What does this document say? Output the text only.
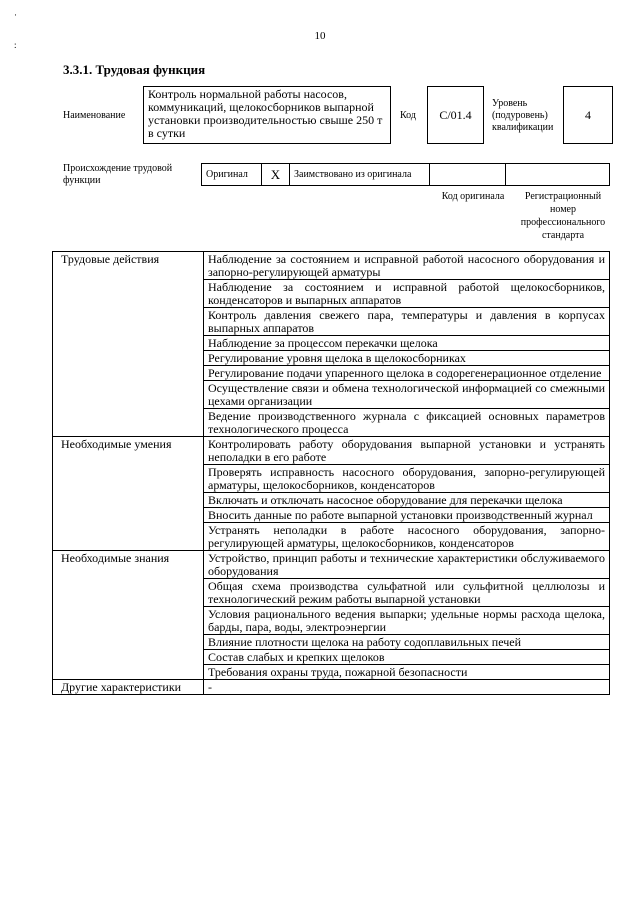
·
:
10
3.3.1. Трудовая функция
Наименование
Контроль нормальной работы насосов, коммуникаций, щелокосборников выпарной установки производительностью свыше 250 т в сутки
Код	C/01.4
Уровень (подуровень) квалификации
4
Происхождение трудовой функции
Оригинал	X	Заимствовано из оригинала		
Код оригинала	Регистрационный номер профессионального стандарта
Трудовые действия	Наблюдение за состоянием и исправной работой насосного оборудования и запорно-регулирующей арматуры
	Наблюдение за состоянием и исправной работой щелокосборников, конденсаторов и выпарных аппаратов
	Контроль давления свежего пара, температуры и давления в корпусах выпарных аппаратов
	Наблюдение за процессом перекачки щелока
	Регулирование уровня щелока в щелокосборниках
	Регулирование подачи упаренного щелока в содорегенерационное отделение
	Осуществление связи и обмена технологической информацией со смежными цехами организации
	Ведение производственного журнала с фиксацией основных параметров технологического процесса
Необходимые умения	Контролировать работу оборудования выпарной установки и устранять неполадки в его работе
	Проверять исправность насосного оборудования, запорно-регулирующей арматуры, щелокосборников, конденсаторов
	Включать и отключать насосное оборудование для перекачки щелока
	Вносить данные по работе выпарной установки производственный журнал
	Устранять неполадки в работе насосного оборудования, запорно-регулирующей арматуры, щелокосборников, конденсаторов
Необходимые знания	Устройство, принцип работы и технические характеристики обслуживаемого оборудования
	Общая схема производства сульфатной или сульфитной целлюлозы и технологический режим работы выпарной установки
	Условия рационального ведения выпарки; удельные нормы расхода щелока, барды, пара, воды, электроэнергии
	Влияние плотности щелока на работу содоплавильных печей
	Состав слабых и крепких щелоков
	Требования охраны труда, пожарной безопасности
Другие характеристики	-
